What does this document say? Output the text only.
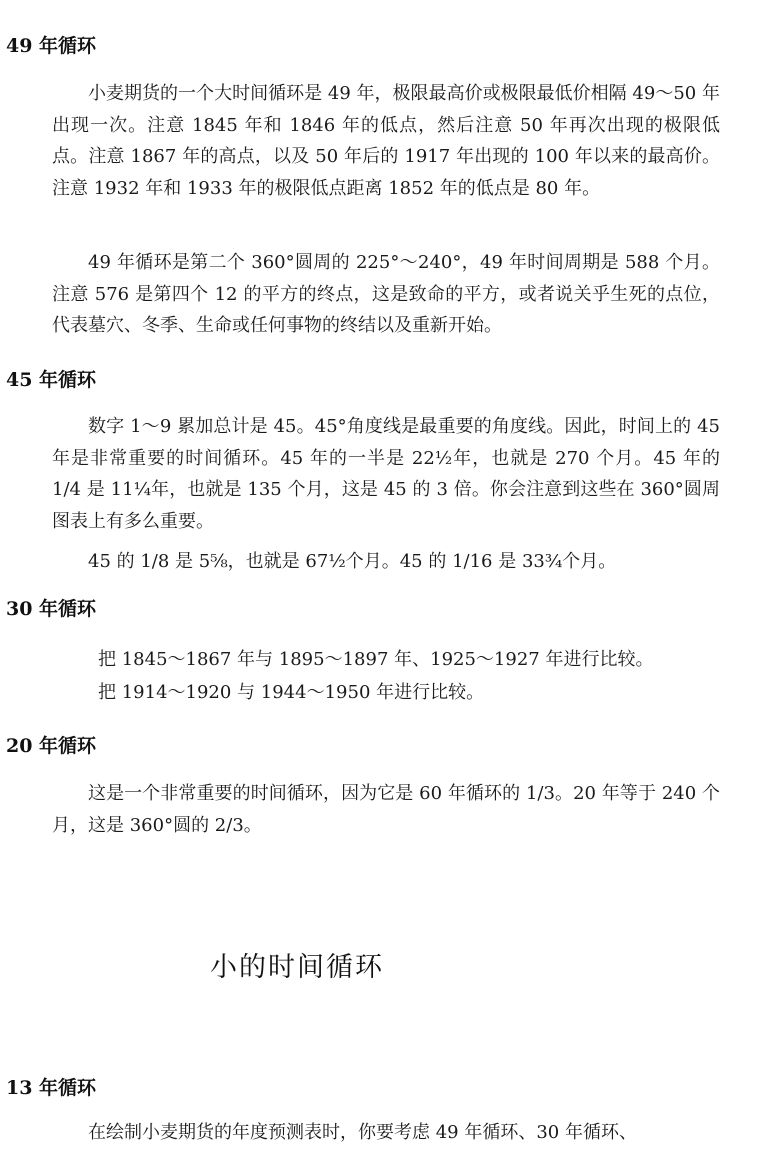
49 年循环

小麦期货的一个大时间循环是 49 年，极限最高价或极限最低价相隔 49～50 年出现一次。注意 1845 年和 1846 年的低点，然后注意 50 年再次出现的极限低点。注意 1867 年的高点，以及 50 年后的 1917 年出现的 100 年以来的最高价。注意 1932 年和 1933 年的极限低点距离 1852 年的低点是 80 年。

49 年循环是第二个 360°圆周的 225°～240°，49 年时间周期是 588 个月。注意 576 是第四个 12 的平方的终点，这是致命的平方，或者说关乎生死的点位，代表墓穴、冬季、生命或任何事物的终结以及重新开始。

45 年循环

数字 1～9 累加总计是 45。45°角度线是最重要的角度线。因此，时间上的 45 年是非常重要的时间循环。45 年的一半是 22½年，也就是 270 个月。45 年的 1/4 是 11¼年，也就是 135 个月，这是 45 的 3 倍。你会注意到这些在 360°圆周图表上有多么重要。

45 的 1/8 是 5⅝，也就是 67½个月。45 的 1/16 是 33¾个月。

30 年循环

把 1845～1867 年与 1895～1897 年、1925～1927 年进行比较。

把 1914～1920 与 1944～1950 年进行比较。

20 年循环

这是一个非常重要的时间循环，因为它是 60 年循环的 1/3。20 年等于 240 个月，这是 360°圆的 2/3。

小的时间循环
13 年循环

在绘制小麦期货的年度预测表时，你要考虑 49 年循环、30 年循环、
